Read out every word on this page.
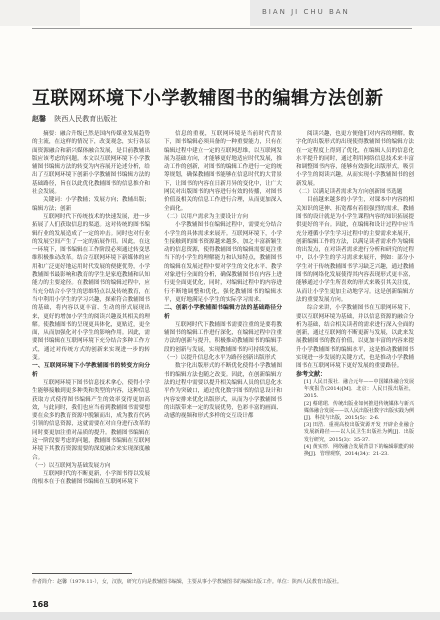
BIAN JI CHU BAN
互联网环境下小学教辅图书的编辑方法创新
赵馨 陕西人民教育出版社

摘要：融合升级已然是国内传媒业发展趋势的主流，在这样的情况下，改变观念，实行各层面资源融合和新兴媒体融合发展，是目前教辅出版应该考虑的问题。本文以互联网环境下小学教辅图书编辑方法的转变为内容展开论述分析，给出了互联网环境下创新小学教辅图书编辑方法的基础路径，旨在以此优化教辅图书的信息推介和社会发展。

关键词：小学教辅；发展方向；教辅出版；编辑方法；创新

互联网时代下传统技术的快速发展，进一步拓展了人们获取信息的渠道。这对传统的图书编辑行业的发展造成了一定的冲击。同时也对行业的发展空间产生了一定的拓展作用。因此，在这一环境下，图书编辑在工作阶段必须通过转变思维积极推动改革。结合互联网环境下新媒体的应用和广泛更好地运用时代发展的便捷优势，小学教辅图书最影响和教育的学生是家庭教辅和认知能力的主要途径。在教辅图书的编辑过程中，应当充分结合小学生的思维特点以及传统教育，在当中利用小学生的学习兴趣，探索符合教辅图书的基础，将内容以更丰富、生动的形式展现出来，更好的增加小学生的阅读兴趣及其相关的理解。使教辅图书的呈现更具体化，更贴近，更全面，从而加强化对小学生的影响作用。因此，需要图书编辑在互联网环境下充分结合多种工作方式，通过对传统方式的创新来实现进一步的转变。

一、互联网环境下小学教辅图书的转变方向分析

互联网环境下图书信息技术拿心，使得小学生能够接触到更多种类和类型的内容，这种信息获取方式使得图书编辑产生的效率变得更加高效，与此同时，我们也应当看到教辅图书需要想要在众多的教育资源中脱颖而出，成为教育代码引领的信息资源，这就需要在对自身进行改革的同时要更加注重对品质的提升。教辅图书编辑在这一阶段要考虑的问题，教辅图书编辑在互联网环境下其教育资源需要的深度融合来实现深度融合。

（一）以互联网为基础发展方向

互联网时代的不断更新，小学图书得以发展的根本在于在教辅图书编辑在互联网环境下

信息的重视，互联网环境是当前时代背景下，图书编辑必须具备的一种重要能力，只有在编辑过程中建立一定的互联网思维，以互联网发展为基础方向，才能够更好地适应时代发展，推动工作的创新，对图书的编辑工作进行一定的统筹规划，确保教辅图书能够在信息时代的大背景下，让图书的内容在日新月异的变化中，让广大网民对出版图书的内容进行有效的传播，对图书价值及相关的信息工作进行合理，从而更加深入全面化。

（二）以用户需求为主要设计方向

小学教辅图书在编辑过程中，需要充分结合小学生的具体需求来展开。互联网环境下，小学生接触到的图书资源越来越多，加之丰富新颖生动的信息资源，使得教辅图书的编辑需要更注重当下的小学生的理解能力和认知特点，教辅图书的编辑在发展过程中要对学生的文化水平、教学对象进行全面的分析，确保教辅图书在内容上进行更全面更优化，同时，对编辑过程中的内容进行不断地调整和优化，强化教辅图书的编辑水平，更好地满足小学生的实际学习需求。

二、创新小学教辅图书编辑方法的基础路径分析

互联网时代下教辅图书需要注重的是要将教辅图书的编辑工作进行深化，在编辑过程中注重方法的创新与提升，积极推动教辅图书的编辑手段的创新与发展，实现教辅图书的可持续发展。

（一）以提升信息化水平为路径创新出版形式

数字化出版形式的不断优化使得小学教辅图书的编辑方法也随之改变。因此，在创新编辑方法的过程中需要以提升相关编辑人员的信息化水平作为突破口，通过优化数字图书的信息设计和内容安排来优化出版形式，从而为小学教辅图书的出版带来一定的发展优势，色彩丰富的画面、动感的视频和形式多样的交互设计都

阅读兴趣，也更方便他们对内容的理解。数字化的出版形式的出现使得教辅图书的编辑方法在一定程度上得到了优化，在编辑人员的信息化水平提升的同时，通过利用网络信息技术来丰富和调整图书内容，能够有效强化出版形式，吸引小学生的阅读兴趣，从而实现小学教辅图书的创新发展。

（二）以满足读者需求为方向创新图书选题

目前越来越多的小学生，对课本中内容的相关知识的延伸、拓宽都有着很强烈的需求，教辅图书的设计就是为小学生课程内容的知识拓展提供更好的平台。因此，在编辑和设计过程中应当充分遵循小学生学习过程中的主要需求来展开，创新编辑工作的方法，以满足读者需求作为编辑的出发点，在对读者需求进行分析和研究的过程中，以小学生的学习需求来展开，例如：部分小学生对于传统教辅图书学习缺乏兴趣，通过教辅图书的网络化发展使得其内容表现形式更丰富，能够通过小学生所喜欢的形式来吸引其关注度，从而让小学生更加主动地学习。这是创新编辑方法的重要发展方向。

综合来讲，小学教辅图书在互联网环境下，要以互联网环境为基础，并以信息资源的融合分析为基础，结合相关读者的需求进行深入全面的创新，通过互联网的不断更新与发展，以此来发展教辅图书的教育价值，以更加丰富的内容来提升小学教辅图书的编辑水平，这是推动教辅图书实现进一步发展的关键方式，也是推动小学教辅图书在互联网环境下更好发展的重要路径。

参考文献：

[1] 人民日报社．融合元年——中国媒体融合发展年度报告(2014)[M]．北京：人民日报出版社，2015.

[2] 蔡珺珺．传统出版业如何推进传统媒体与新兴媒体融合发展——以人民出版社数字出版实践为例[J]．科技与出版，2015(5)：2-6.

[3] 田浩．重视高校出版资源开发 开辟企业融合发展新路径——以人民卫生出版社为例[J]．出版发行研究，2015(3)：35-37.

[4] 黄实形．网络融合发展背景下的编辑职能的转换[J]．管理观察，2014(34)：21-23.

作者简介：赵馨（1979.11-），女，汉族，研究方向是教辅图书编辑，主要从事小学教辅图书的编辑出版工作。单位：陕西人民教育出版社。
168
